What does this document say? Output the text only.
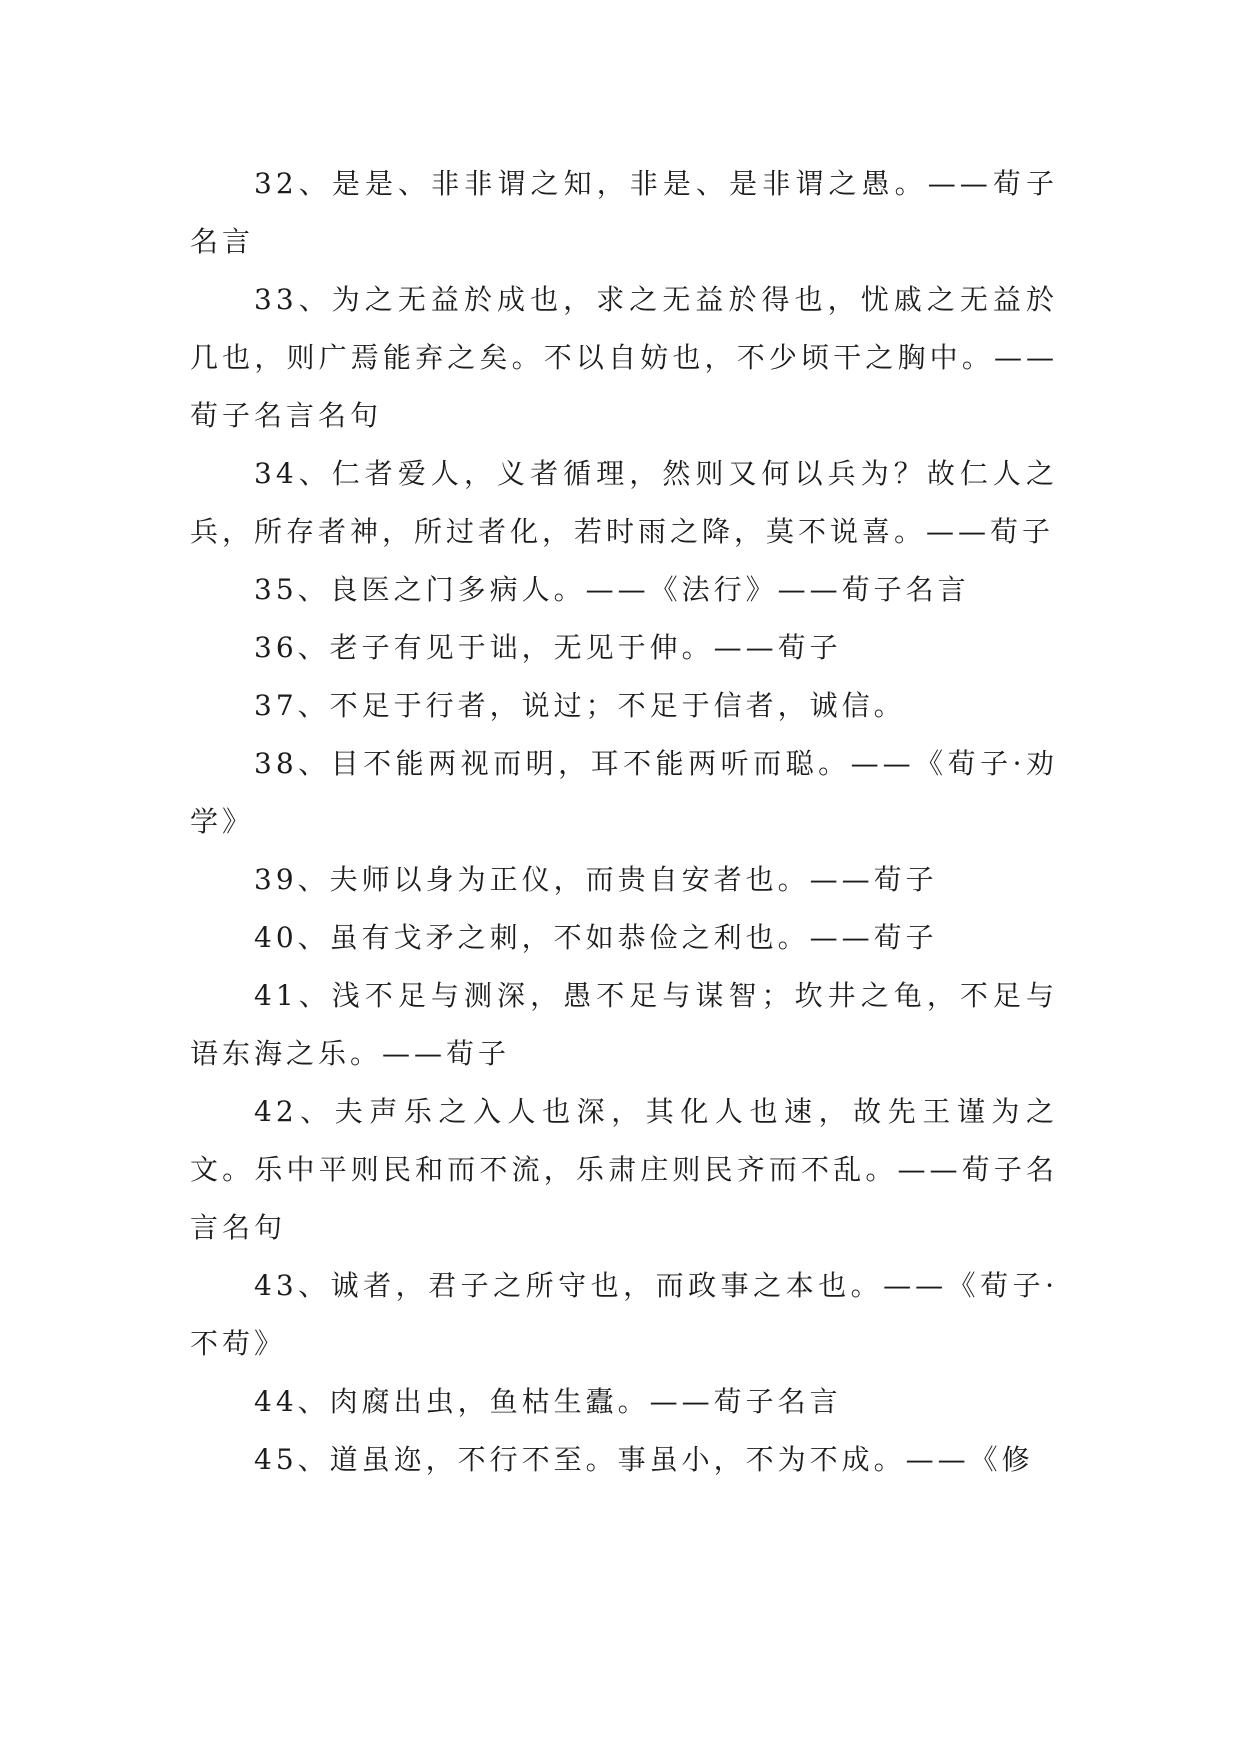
32、是是、非非谓之知，非是、是非谓之愚。——荀子名言

33、为之无益於成也，求之无益於得也，忧戚之无益於几也，则广焉能弃之矣。不以自妨也，不少顷干之胸中。——荀子名言名句

34、仁者爱人，义者循理，然则又何以兵为？故仁人之兵，所存者神，所过者化，若时雨之降，莫不说喜。——荀子

35、良医之门多病人。——《法行》——荀子名言

36、老子有见于诎，无见于伸。——荀子

37、不足于行者，说过；不足于信者，诚信。

38、目不能两视而明，耳不能两听而聪。——《荀子·劝学》

39、夫师以身为正仪，而贵自安者也。——荀子

40、虽有戈矛之刺，不如恭俭之利也。——荀子

41、浅不足与测深，愚不足与谋智；坎井之龟，不足与语东海之乐。——荀子

42、夫声乐之入人也深，其化人也速，故先王谨为之文。乐中平则民和而不流，乐肃庄则民齐而不乱。——荀子名言名句

43、诚者，君子之所守也，而政事之本也。——《荀子·不苟》

44、肉腐出虫，鱼枯生蠹。——荀子名言

45、道虽迩，不行不至。事虽小，不为不成。——《修
